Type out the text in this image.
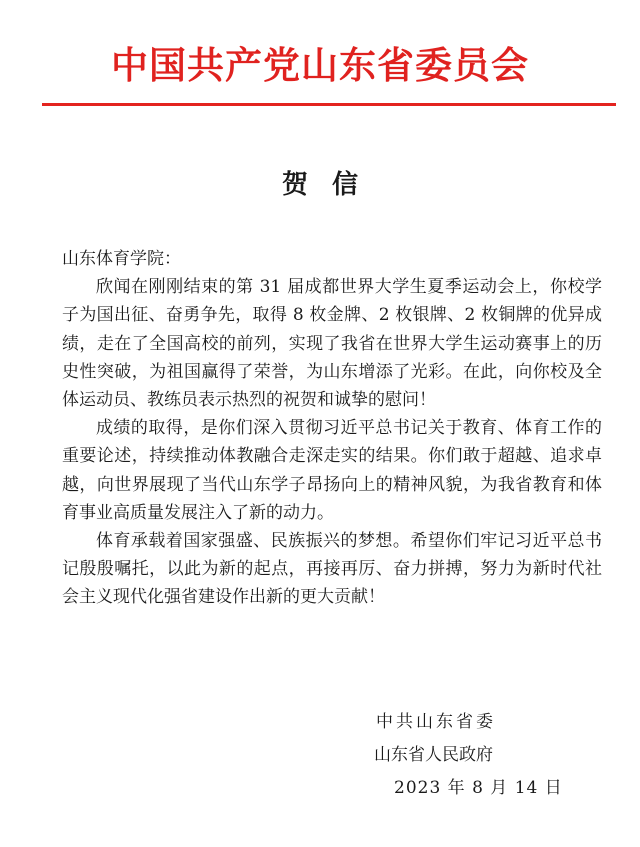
中国共产党山东省委员会
贺信

山东体育学院：

欣闻在刚刚结束的第 31 届成都世界大学生夏季运动会上，你校学子为国出征、奋勇争先，取得 8 枚金牌、2 枚银牌、2 枚铜牌的优异成绩，走在了全国高校的前列，实现了我省在世界大学生运动赛事上的历史性突破，为祖国赢得了荣誉，为山东增添了光彩。在此，向你校及全体运动员、教练员表示热烈的祝贺和诚挚的慰问！

成绩的取得，是你们深入贯彻习近平总书记关于教育、体育工作的重要论述，持续推动体教融合走深走实的结果。你们敢于超越、追求卓越，向世界展现了当代山东学子昂扬向上的精神风貌，为我省教育和体育事业高质量发展注入了新的动力。

体育承载着国家强盛、民族振兴的梦想。希望你们牢记习近平总书记殷殷嘱托，以此为新的起点，再接再厉、奋力拼搏，努力为新时代社会主义现代化强省建设作出新的更大贡献！

中共山东省委
山东省人民政府
2023 年 8 月 14 日
